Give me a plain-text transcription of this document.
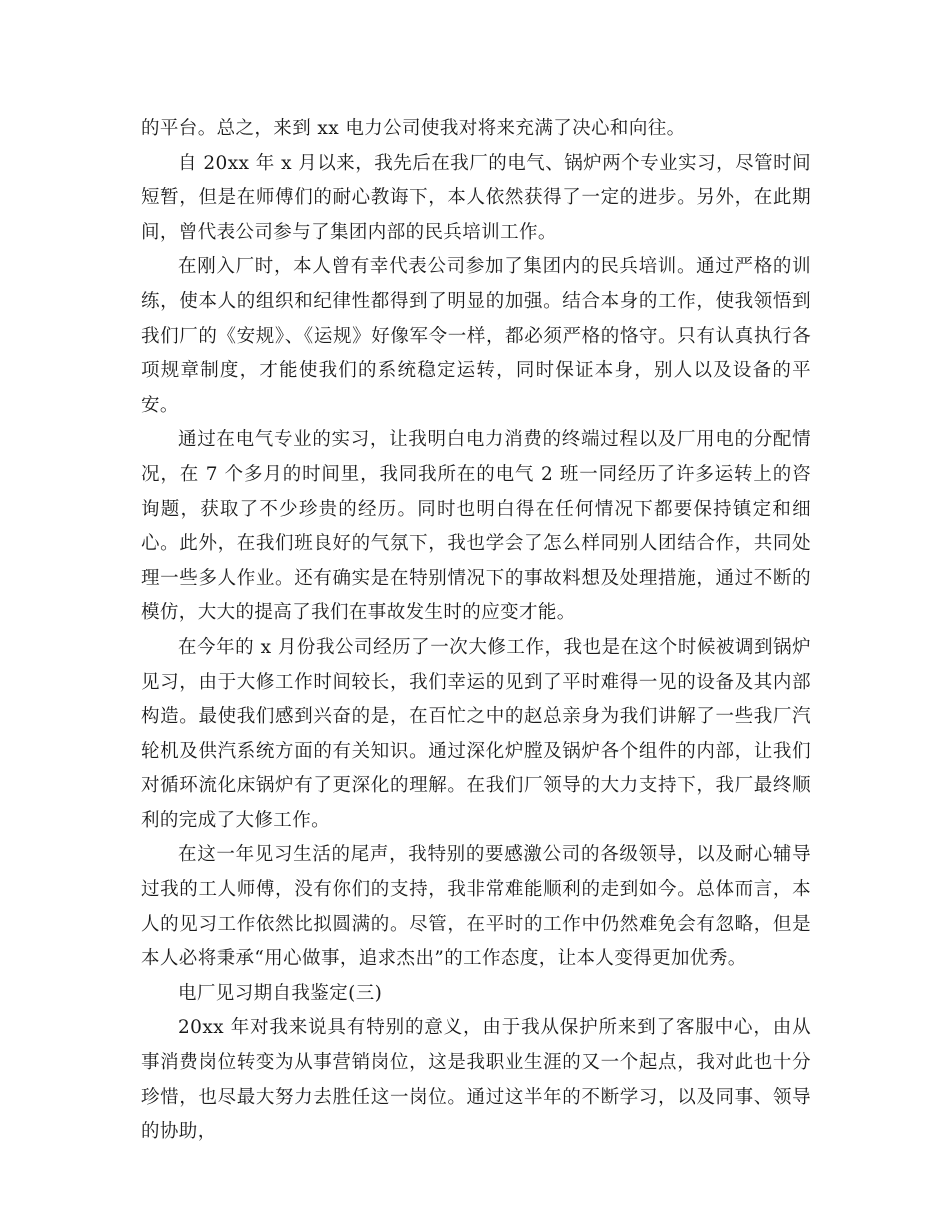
的平台。总之，来到 xx 电力公司使我对将来充满了决心和向往。

自 20xx 年 x 月以来，我先后在我厂的电气、锅炉两个专业实习，尽管时间短暂，但是在师傅们的耐心教诲下，本人依然获得了一定的进步。另外，在此期间，曾代表公司参与了集团内部的民兵培训工作。

在刚入厂时，本人曾有幸代表公司参加了集团内的民兵培训。通过严格的训练，使本人的组织和纪律性都得到了明显的加强。结合本身的工作，使我领悟到我们厂的《安规》、《运规》好像军令一样，都必须严格的恪守。只有认真执行各项规章制度，才能使我们的系统稳定运转，同时保证本身，别人以及设备的平安。

通过在电气专业的实习，让我明白电力消费的终端过程以及厂用电的分配情况，在 7 个多月的时间里，我同我所在的电气 2 班一同经历了许多运转上的咨询题，获取了不少珍贵的经历。同时也明白得在任何情况下都要保持镇定和细心。此外，在我们班良好的气氛下，我也学会了怎么样同别人团结合作，共同处理一些多人作业。还有确实是在特别情况下的事故料想及处理措施，通过不断的模仿，大大的提高了我们在事故发生时的应变才能。

在今年的 x 月份我公司经历了一次大修工作，我也是在这个时候被调到锅炉见习，由于大修工作时间较长，我们幸运的见到了平时难得一见的设备及其内部构造。最使我们感到兴奋的是，在百忙之中的赵总亲身为我们讲解了一些我厂汽轮机及供汽系统方面的有关知识。通过深化炉膛及锅炉各个组件的内部，让我们对循环流化床锅炉有了更深化的理解。在我们厂领导的大力支持下，我厂最终顺利的完成了大修工作。

在这一年见习生活的尾声，我特别的要感激公司的各级领导，以及耐心辅导过我的工人师傅，没有你们的支持，我非常难能顺利的走到如今。总体而言，本人的见习工作依然比拟圆满的。尽管，在平时的工作中仍然难免会有忽略，但是本人必将秉承“用心做事，追求杰出”的工作态度，让本人变得更加优秀。

电厂见习期自我鉴定(三)

20xx 年对我来说具有特别的意义，由于我从保护所来到了客服中心，由从事消费岗位转变为从事营销岗位，这是我职业生涯的又一个起点，我对此也十分珍惜，也尽最大努力去胜任这一岗位。通过这半年的不断学习，以及同事、领导的协助，
